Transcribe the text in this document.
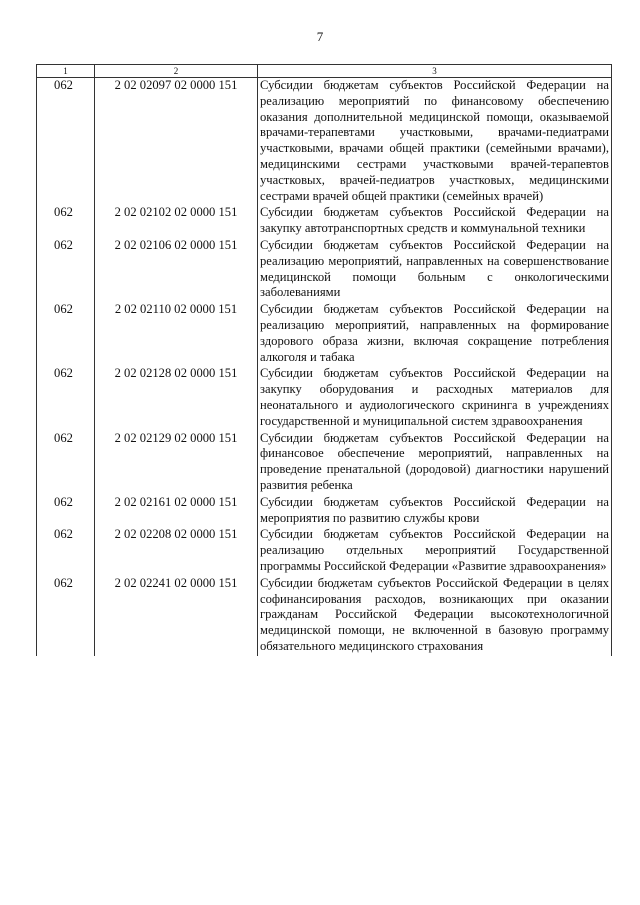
7
1	2	3
062	2 02 02097 02 0000 151	Субсидии бюджетам субъектов Российской Федерации на реализацию мероприятий по финансовому обеспечению оказания дополнительной медицинской помощи, оказываемой врачами-терапевтами участковыми, врачами-педиатрами участковыми, врачами общей практики (семейными врачами), медицинскими сестрами участковыми врачей-терапевтов участковых, врачей-педиатров участковых, медицинскими сестрами врачей общей практики (семейных врачей)
062	2 02 02102 02 0000 151	Субсидии бюджетам субъектов Российской Федерации на закупку автотранспортных средств и коммунальной техники
062	2 02 02106 02 0000 151	Субсидии бюджетам субъектов Российской Федерации на реализацию мероприятий, направленных на совершенствование медицинской помощи больным с онкологическими заболеваниями
062	2 02 02110 02 0000 151	Субсидии бюджетам субъектов Российской Федерации на реализацию мероприятий, направленных на формирование здорового образа жизни, включая сокращение потребления алкоголя и табака
062	2 02 02128 02 0000 151	Субсидии бюджетам субъектов Российской Федерации на закупку оборудования и расходных материалов для неонатального и аудиологического скрининга в учреждениях государственной и муниципальной систем здравоохранения
062	2 02 02129 02 0000 151	Субсидии бюджетам субъектов Российской Федерации на финансовое обеспечение мероприятий, направленных на проведение пренатальной (дородовой) диагностики нарушений развития ребенка
062	2 02 02161 02 0000 151	Субсидии бюджетам субъектов Российской Федерации на мероприятия по развитию службы крови
062	2 02 02208 02 0000 151	Субсидии бюджетам субъектов Российской Федерации на реализацию отдельных мероприятий Государственной программы Российской Федерации «Развитие здравоохранения»
062	2 02 02241 02 0000 151	Субсидии бюджетам субъектов Российской Федерации в целях софинансирования расходов, возникающих при оказании гражданам Российской Федерации высокотехнологичной медицинской помощи, не включенной в базовую программу обязательного медицинского страхования
